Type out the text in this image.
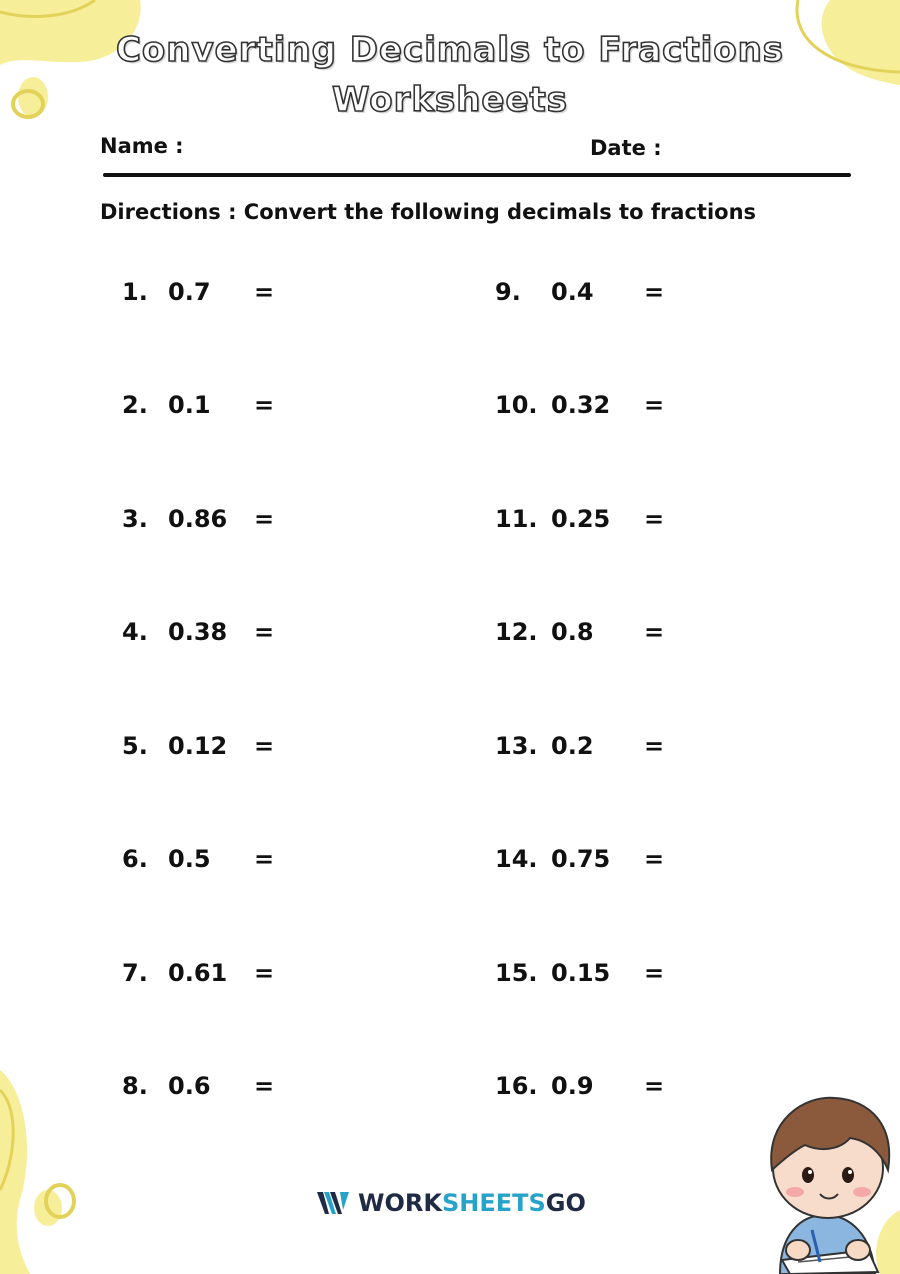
Converting Decimals to Fractions
Worksheets
Name :	Date :
Directions : Convert the following decimals to fractions
1. 0.7 =
2. 0.1 =
3. 0.86 =
4. 0.38 =
5. 0.12 =
6. 0.5 =
7. 0.61 =
8. 0.6 =
9. 0.4 =
10. 0.32 =
11. 0.25 =
12. 0.8 =
13. 0.2 =
14. 0.75 =
15. 0.15 =
16. 0.9 =
WORKSHEETSGO
